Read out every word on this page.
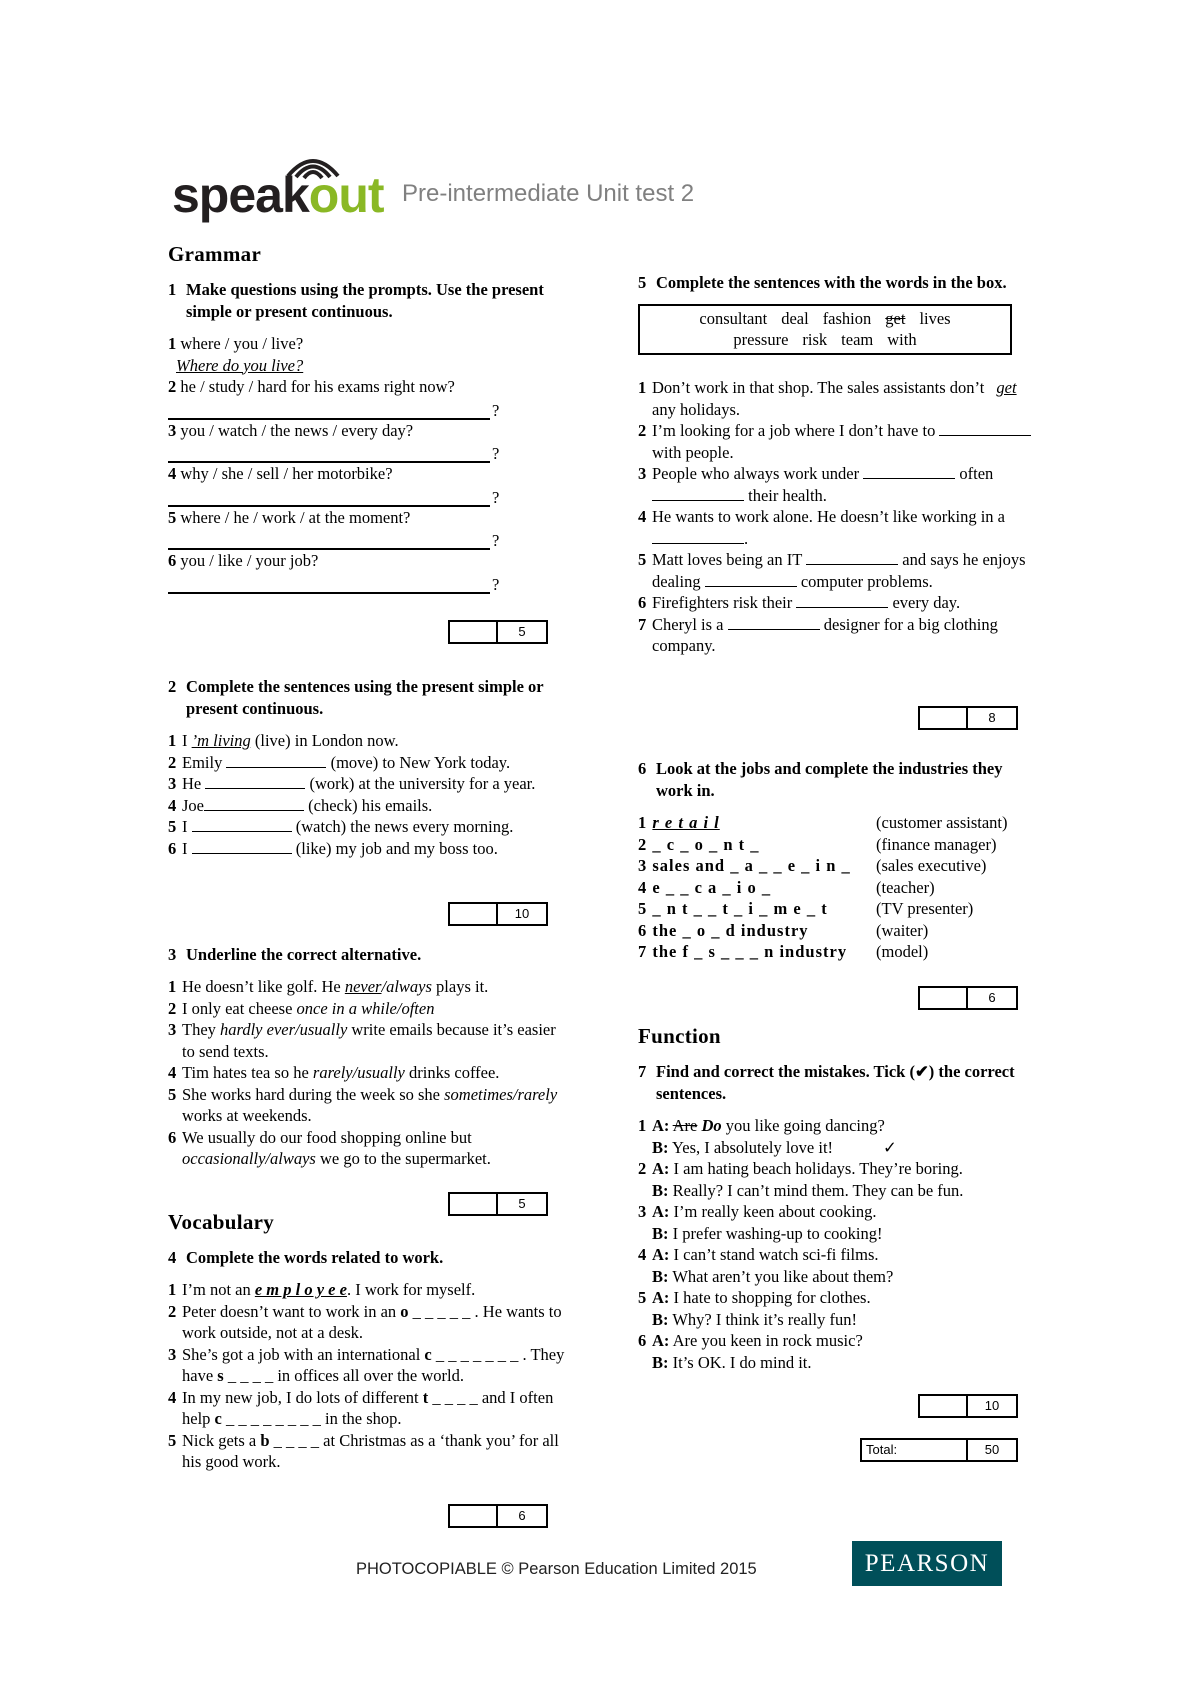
speakout Pre-intermediate Unit test 2
Grammar
1 Make questions using the prompts. Use the present simple or present continuous.
1 where / you / live?
Where do you live?
2 he / study / hard for his exams right now?
?
3 you / watch / the news / every day?
?
4 why / she / sell / her motorbike?
?
5 where / he / work / at the moment?
?
6 you / like / your job?
?
5
2 Complete the sentences using the present simple or present continuous.
1 I ’m living (live) in London now.
2 Emily	(move) to New York today.
3 He	(work) at the university for a year.
4 Joe	(check) his emails.
5 I	(watch) the news every morning.
6 I	(like) my job and my boss too.
10
3 Underline the correct alternative.
1 He doesn’t like golf. He never/always plays it.
2 I only eat cheese once in a while/often
3 They hardly ever/usually write emails because it’s easier to send texts.
4 Tim hates tea so he rarely/usually drinks coffee.
5 She works hard during the week so she sometimes/rarely works at weekends.
6 We usually do our food shopping online but occasionally/always we go to the supermarket.
5
Vocabulary
4 Complete the words related to work.
1 I’m not an e m p l o y e e. I work for myself.
2 Peter doesn’t want to work in an o _ _ _ _ _ . He wants to work outside, not at a desk.
3 She’s got a job with an international c _ _ _ _ _ _ _ . They have s _ _ _ _ in offices all over the world.
4 In my new job, I do lots of different t _ _ _ _ and I often help c _ _ _ _ _ _ _ _ in the shop.
5 Nick gets a b _ _ _ _ at Christmas as a ‘thank you’ for all his good work.
6
5 Complete the sentences with the words in the box.
consultant deal fashion get lives
pressure risk team with
1 Don’t work in that shop. The sales assistants don’t get any holidays.
2 I’m looking for a job where I don’t have to  with people.
3 People who always work under	often  their health.
4 He wants to work alone. He doesn’t like working in a .
5 Matt loves being an IT	and says he enjoys dealing	computer problems.
6 Firefighters risk their	every day.
7 Cheryl is a	designer for a big clothing company.
8
6 Look at the jobs and complete the industries they work in.
1 r e t a i l	(customer assistant)
2 _ c _ o _ n t _	(finance manager)
3 sales and _ a _ _ e _ i n _	(sales executive)
4 e _ _ c a _ i o _	(teacher)
5 _ n t _ _ t _ i _ m e _ t	(TV presenter)
6 the _ o _ d industry	(waiter)
7 the f _ s _ _ _ n industry	(model)
6
Function
7 Find and correct the mistakes. Tick (✔) the correct sentences.
1 A: Are Do you like going dancing?
B: Yes, I absolutely love it!	✓
2 A: I am hating beach holidays. They’re boring.
B: Really? I can’t mind them. They can be fun.
3 A: I’m really keen about cooking.
B: I prefer washing-up to cooking!
4 A: I can’t stand watch sci-fi films.
B: What aren’t you like about them?
5 A: I hate to shopping for clothes.
B: Why? I think it’s really fun!
6 A: Are you keen in rock music?
B: It’s OK. I do mind it.
10
Total:	50
PHOTOCOPIABLE © Pearson Education Limited 2015	PEARSON
